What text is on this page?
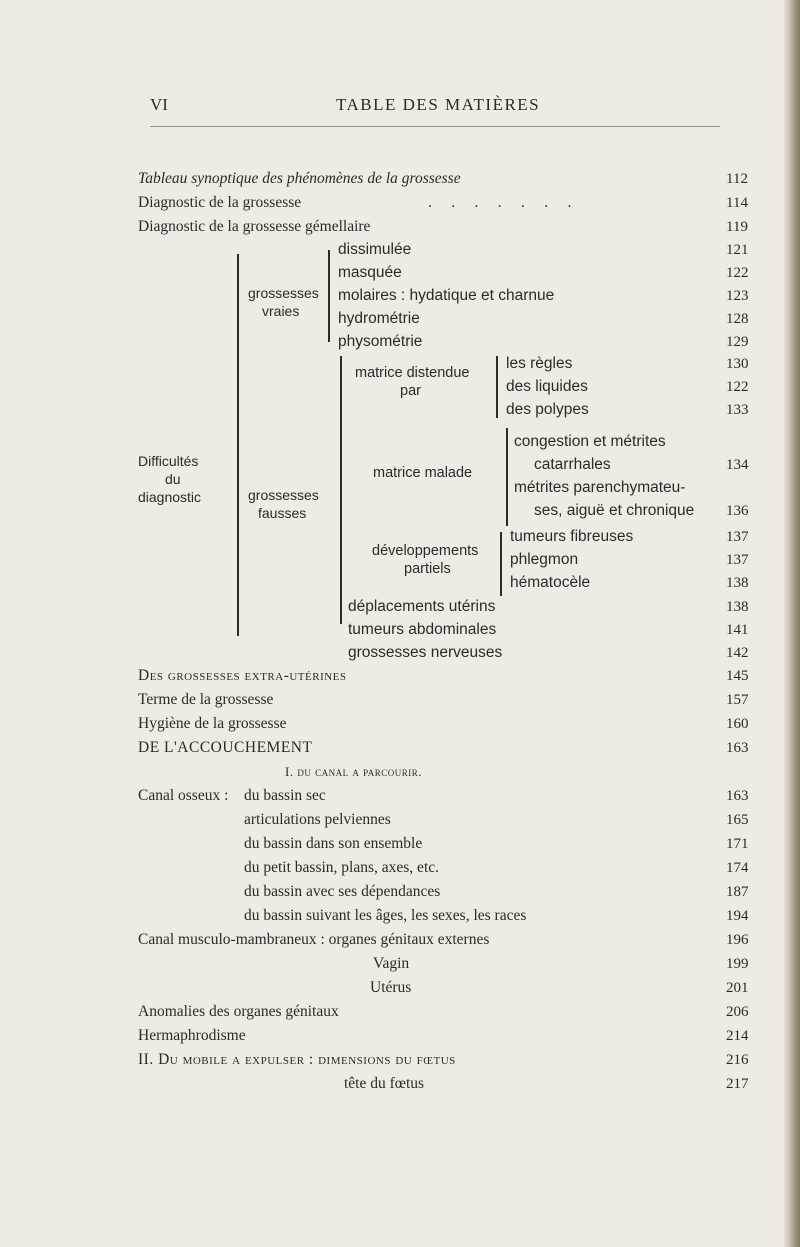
VI	TABLE DES MATIÈRES
Tableau synoptique des phénomènes de la grossesse	112
Diagnostic de la grossesse	.     .     .     .     .     .     .	114
Diagnostic de la grossesse gémellaire	119
Difficultés
du
diagnostic
grossesses
vraies
dissimulée	121
masquée	122
molaires : hydatique et charnue	123
hydrométrie	128
physométrie	129
grossesses
fausses
matrice distendue
par
les règles	130
des liquides	122
des polypes	133
matrice malade
congestion et métrites
catarrhales	134
métrites parenchymateu-
ses, aiguë et chronique 136
développements
partiels
tumeurs fibreuses	137
phlegmon	137
hématocèle	138
déplacements utérins	138
tumeurs abdominales	141
grossesses nerveuses	142
Des grossesses extra-utérines	145
Terme de la grossesse	157
Hygiène de la grossesse	160
DE L'ACCOUCHEMENT	163
I. du canal a parcourir.
Canal osseux : du bassin sec	163
articulations pelviennes	165
du bassin dans son ensemble	171
du petit bassin, plans, axes, etc.	174
du bassin avec ses dépendances	187
du bassin suivant les âges, les sexes, les races	194
Canal musculo-mambraneux : organes génitaux externes	196
Vagin	199
Utérus	201
Anomalies des organes génitaux	206
Hermaphrodisme	214
II. Du mobile a expulser : dimensions du fœtus	216
tête du fœtus	217
